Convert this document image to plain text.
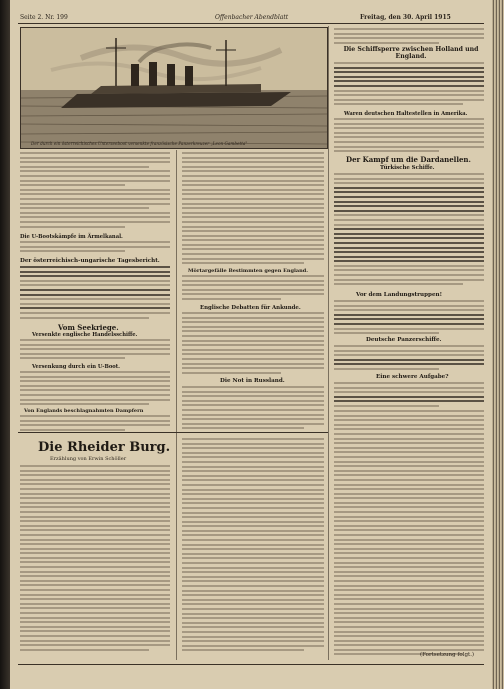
Seite 2. Nr. 199	Offenbacher Abendblatt	Freitag, den 30. April 1915
Der durch ein österreichisches Unterseeboot versenkte französische Panzerkreuzer „Leon Gambetta"
Die U-Bootskämpfe im Ärmelkanal.
Der österreichisch-ungarische Tagesbericht.
Vom Seekriege.
Versenkte englische Handelsschiffe.
Versenkung durch ein U-Boot.
Von Englands beschlagnahmten Dampfern
Mörtargefälle Bestimmten gegen England.
Englische Debatten für Ankunde.
Die Not in Russland.
Die Schiffsperre zwischen Holland und England.
Waren deutschen Haltestellen in Amerika.
Der Kampf um die Dardanellen.
Türkische Schiffe.
Vor dem Landungstruppen!
Deutsche Panzerschiffe.
Eine schwere Aufgabe?
Die Rheider Burg.
Erzählung von Erwin Schöller
(Fortsetzung folgt.)
